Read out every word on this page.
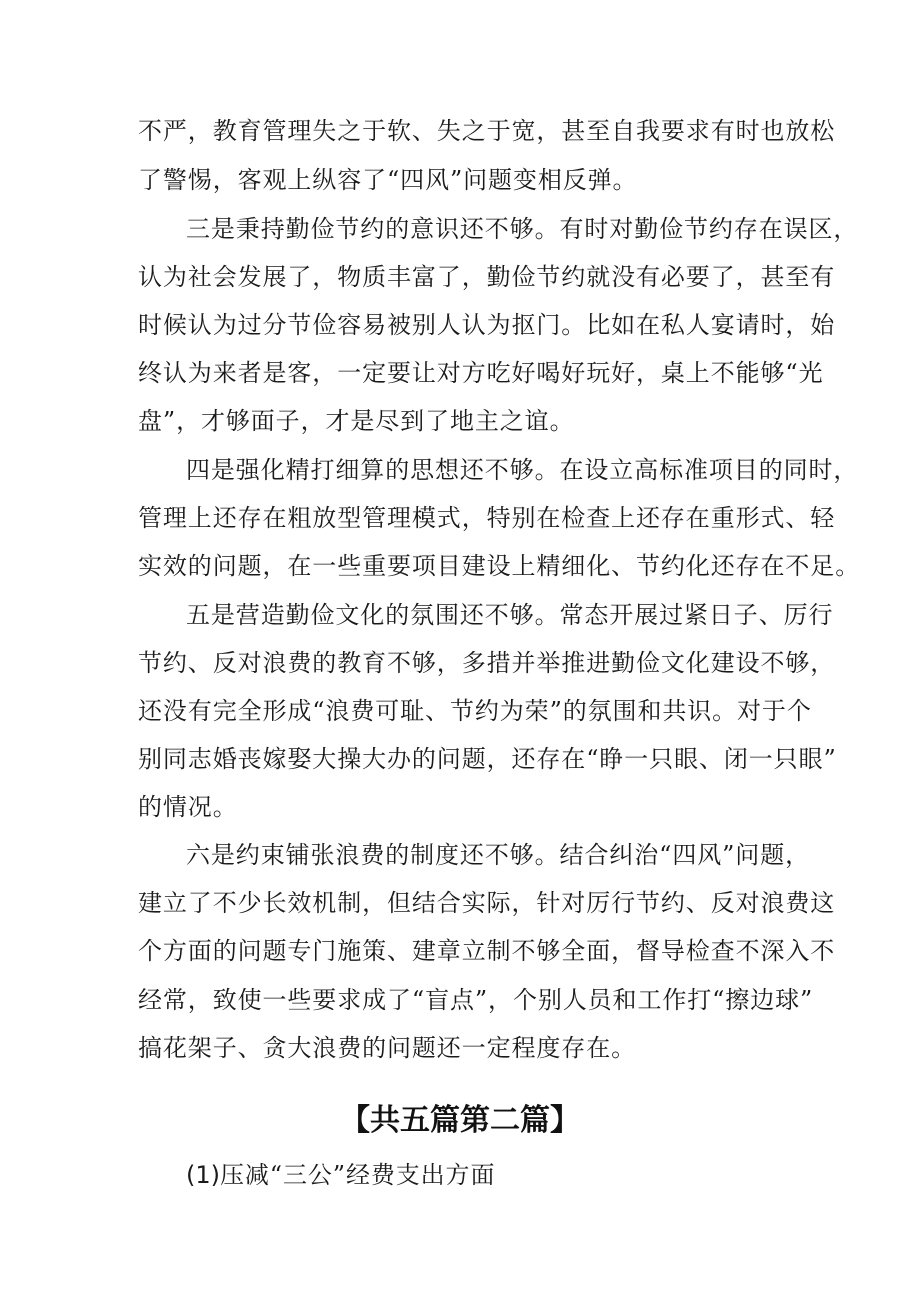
不严，教育管理失之于软、失之于宽，甚至自我要求有时也放松
了警惕，客观上纵容了“四风”问题变相反弹。
三是秉持勤俭节约的意识还不够。有时对勤俭节约存在误区，
认为社会发展了，物质丰富了，勤俭节约就没有必要了，甚至有
时候认为过分节俭容易被别人认为抠门。比如在私人宴请时，始
终认为来者是客，一定要让对方吃好喝好玩好，桌上不能够“光
盘”，才够面子，才是尽到了地主之谊。
四是强化精打细算的思想还不够。在设立高标准项目的同时，
管理上还存在粗放型管理模式，特别在检查上还存在重形式、轻
实效的问题，在一些重要项目建设上精细化、节约化还存在不足。
五是营造勤俭文化的氛围还不够。常态开展过紧日子、厉行
节约、反对浪费的教育不够，多措并举推进勤俭文化建设不够，
还没有完全形成“浪费可耻、节约为荣”的氛围和共识。对于个
别同志婚丧嫁娶大操大办的问题，还存在“睁一只眼、闭一只眼”
的情况。
六是约束铺张浪费的制度还不够。结合纠治“四风”问题，
建立了不少长效机制，但结合实际，针对厉行节约、反对浪费这
个方面的问题专门施策、建章立制不够全面，督导检查不深入不
经常，致使一些要求成了“盲点”，个别人员和工作打“擦边球”
搞花架子、贪大浪费的问题还一定程度存在。
【共五篇第二篇】
(1)压减“三公”经费支出方面
